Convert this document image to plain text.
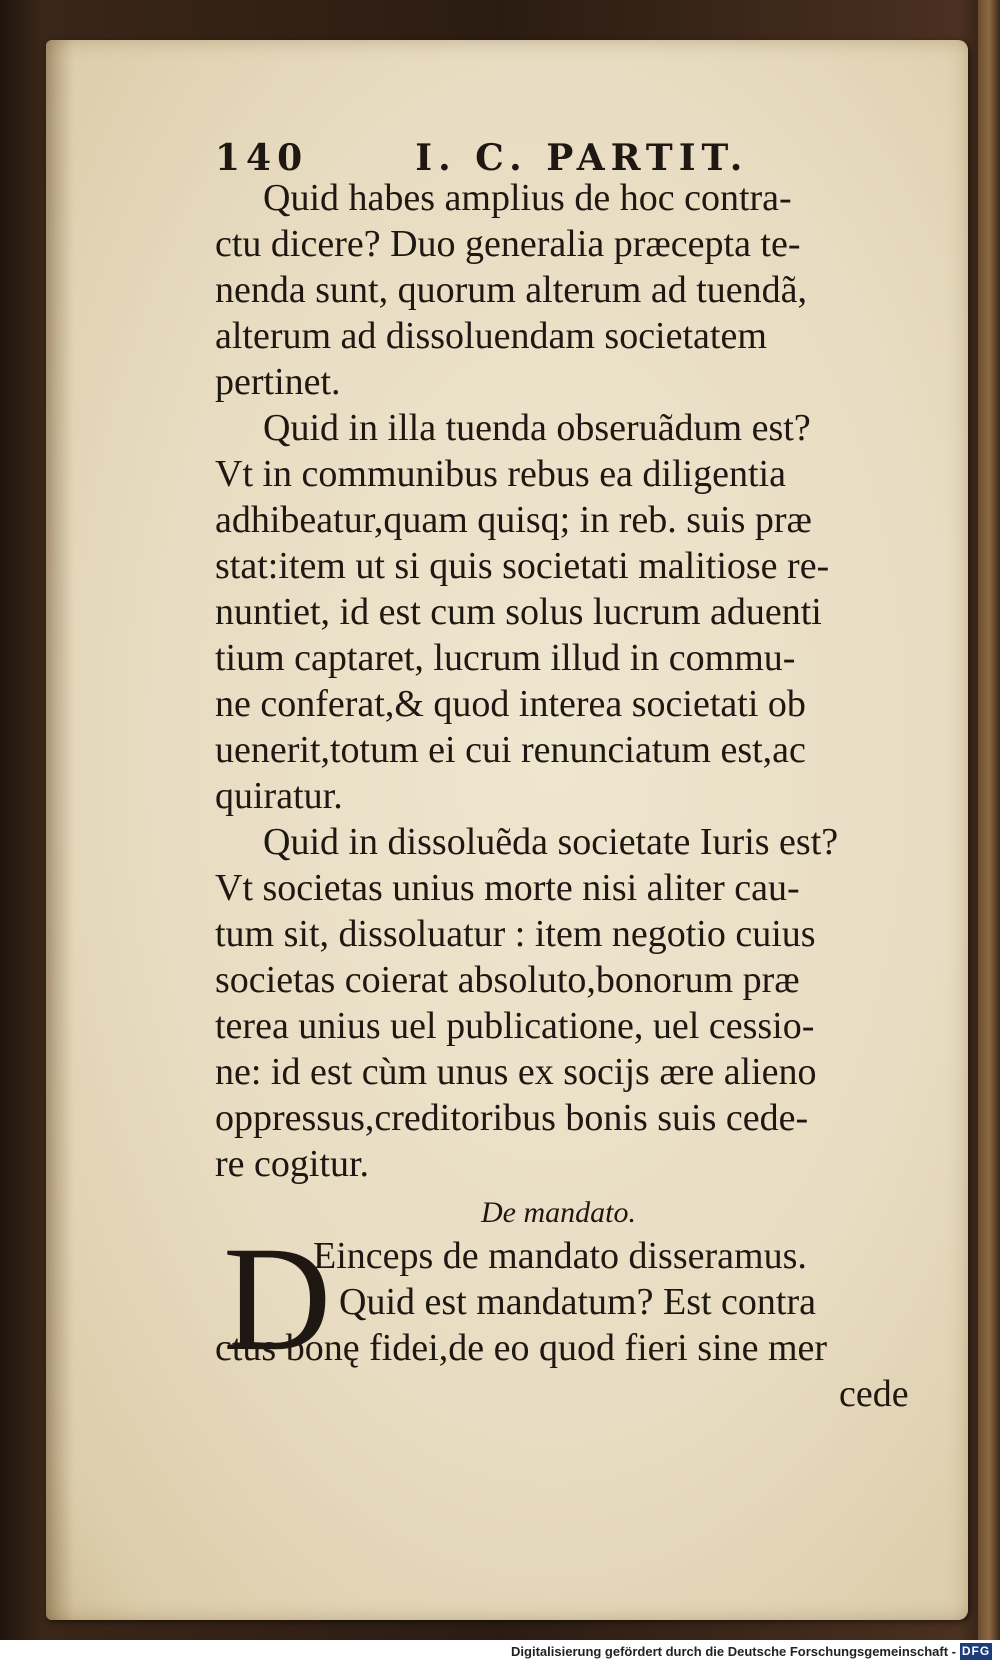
140	I. C. PARTIT.
Quid habes amplius de hoc contra-
ctu dicere? Duo generalia præcepta te-
nenda sunt, quorum alterum ad tuendã,
alterum ad dissoluendam societatem
pertinet.
Quid in illa tuenda obseruãdum est?
Vt in communibus rebus ea diligentia
adhibeatur,quam quisq; in reb. suis præ
stat:item ut si quis societati malitiose re-
nuntiet, id est cum solus lucrum aduenti
tium captaret, lucrum illud in commu-
ne conferat,& quod interea societati ob
uenerit,totum ei cui renunciatum est,ac
quiratur.
Quid in dissoluẽda societate Iuris est?
Vt societas unius morte nisi aliter cau-
tum sit, dissoluatur : item negotio cuius
societas coierat absoluto,bonorum præ
terea unius uel publicatione, uel cessio-
ne: id est cùm unus ex socijs ære alieno
oppressus,creditoribus bonis suis cede-
re cogitur.
De mandato.
D
Einceps de mandato disseramus.
Quid est mandatum? Est contra
ctus bonę fidei,de eo quod fieri sine mer
cede
Digitalisierung gefördert durch die Deutsche Forschungsgemeinschaft - DFG
